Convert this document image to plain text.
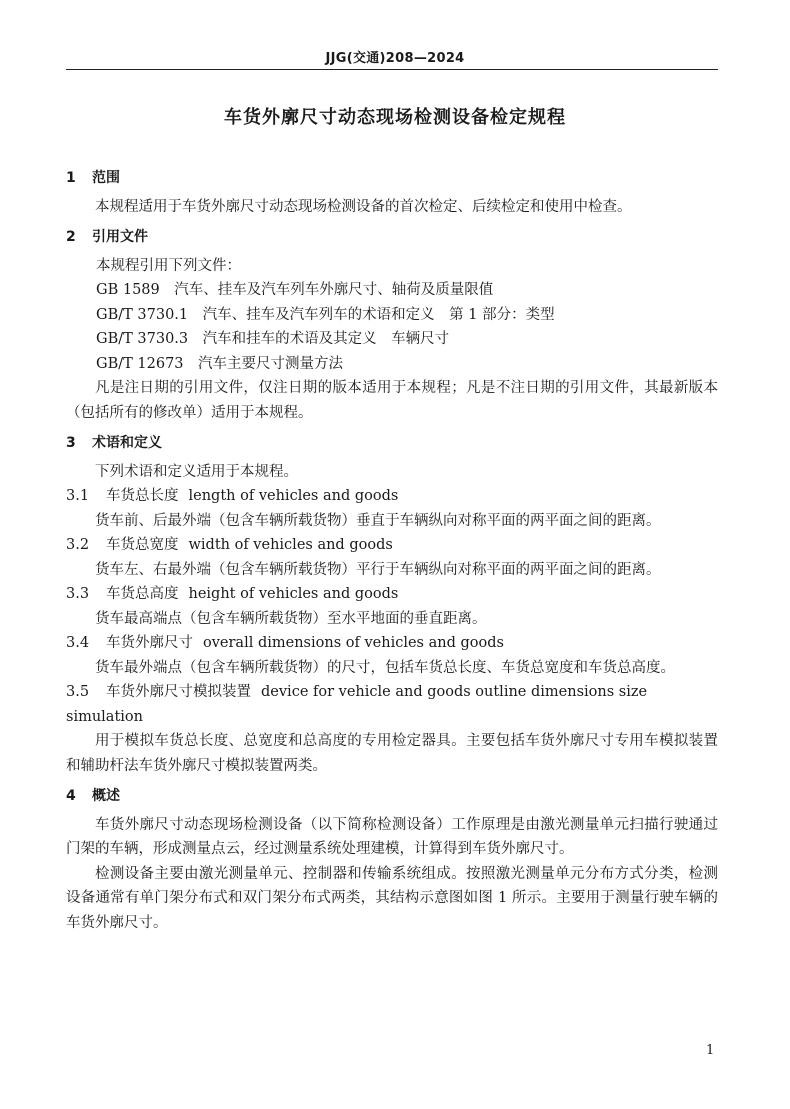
JJG(交通)208—2024
车货外廓尺寸动态现场检测设备检定规程

1 范围

本规程适用于车货外廓尺寸动态现场检测设备的首次检定、后续检定和使用中检查。

2 引用文件

本规程引用下列文件：

GB 1589　 汽车、挂车及汽车列车外廓尺寸、轴荷及质量限值

GB/T 3730.1　 汽车、挂车及汽车列车的术语和定义　第 1 部分：类型

GB/T 3730.3　 汽车和挂车的术语及其定义　车辆尺寸

GB/T 12673　 汽车主要尺寸测量方法

凡是注日期的引用文件，仅注日期的版本适用于本规程；凡是不注日期的引用文件，其最新版本（包括所有的修改单）适用于本规程。

3 术语和定义

下列术语和定义适用于本规程。

3.1 车货总长度 length of vehicles and goods

货车前、后最外端（包含车辆所载货物）垂直于车辆纵向对称平面的两平面之间的距离。

3.2 车货总宽度 width of vehicles and goods

货车左、右最外端（包含车辆所载货物）平行于车辆纵向对称平面的两平面之间的距离。

3.3 车货总高度 height of vehicles and goods

货车最高端点（包含车辆所载货物）至水平地面的垂直距离。

3.4 车货外廓尺寸 overall dimensions of vehicles and goods

货车最外端点（包含车辆所载货物）的尺寸，包括车货总长度、车货总宽度和车货总高度。

3.5 车货外廓尺寸模拟装置 device for vehicle and goods outline dimensions size simulation

用于模拟车货总长度、总宽度和总高度的专用检定器具。主要包括车货外廓尺寸专用车模拟装置和辅助杆法车货外廓尺寸模拟装置两类。

4 概述

车货外廓尺寸动态现场检测设备（以下简称检测设备）工作原理是由激光测量单元扫描行驶通过门架的车辆，形成测量点云，经过测量系统处理建模，计算得到车货外廓尺寸。

检测设备主要由激光测量单元、控制器和传输系统组成。按照激光测量单元分布方式分类，检测设备通常有单门架分布式和双门架分布式两类，其结构示意图如图 1 所示。主要用于测量行驶车辆的车货外廓尺寸。

1
